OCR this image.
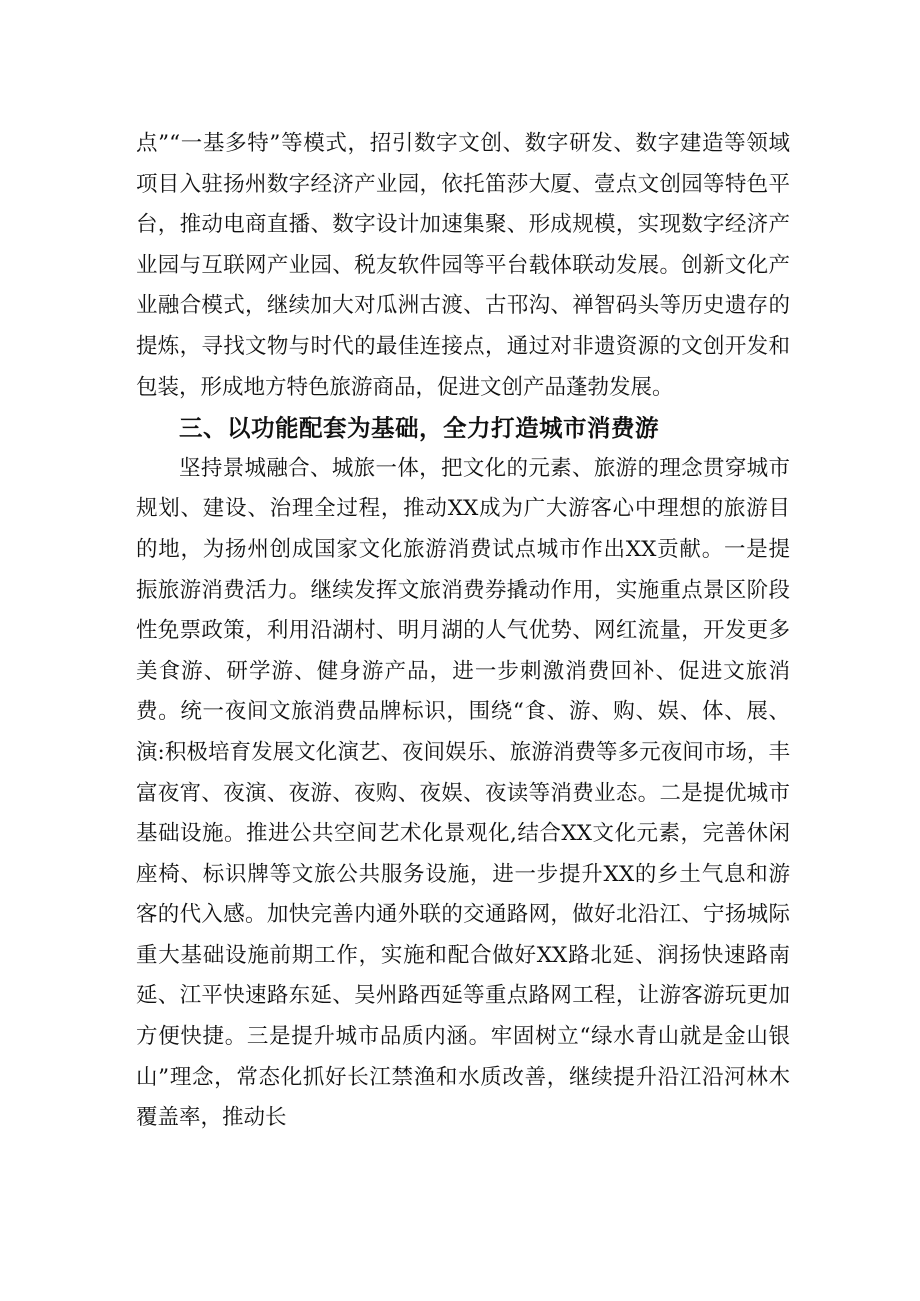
点”“一基多特”等模式，招引数字文创、数字研发、数字建造等领域项目入驻扬州数字经济产业园，依托笛莎大厦、壹点文创园等特色平台，推动电商直播、数字设计加速集聚、形成规模，实现数字经济产业园与互联网产业园、税友软件园等平台载体联动发展。创新文化产业融合模式，继续加大对瓜洲古渡、古邗沟、禅智码头等历史遗存的提炼，寻找文物与时代的最佳连接点，通过对非遗资源的文创开发和包装，形成地方特色旅游商品，促进文创产品蓬勃发展。

三、以功能配套为基础，全力打造城市消费游

坚持景城融合、城旅一体，把文化的元素、旅游的理念贯穿城市规划、建设、治理全过程，推动XX成为广大游客心中理想的旅游目的地，为扬州创成国家文化旅游消费试点城市作出XX贡献。一是提振旅游消费活力。继续发挥文旅消费券撬动作用，实施重点景区阶段性免票政策，利用沿湖村、明月湖的人气优势、网红流量，开发更多美食游、研学游、健身游产品，进一步刺激消费回补、促进文旅消费。统一夜间文旅消费品牌标识，围绕“食、游、购、娱、体、展、演:积极培育发展文化演艺、夜间娱乐、旅游消费等多元夜间市场，丰富夜宵、夜演、夜游、夜购、夜娱、夜读等消费业态。二是提优城市基础设施。推进公共空间艺术化景观化,结合XX文化元素，完善休闲座椅、标识牌等文旅公共服务设施，进一步提升XX的乡土气息和游客的代入感。加快完善内通外联的交通路网，做好北沿江、宁扬城际重大基础设施前期工作，实施和配合做好XX路北延、润扬快速路南延、江平快速路东延、吴州路西延等重点路网工程，让游客游玩更加方便快捷。三是提升城市品质内涵。牢固树立“绿水青山就是金山银山”理念，常态化抓好长江禁渔和水质改善，继续提升沿江沿河林木覆盖率，推动长
